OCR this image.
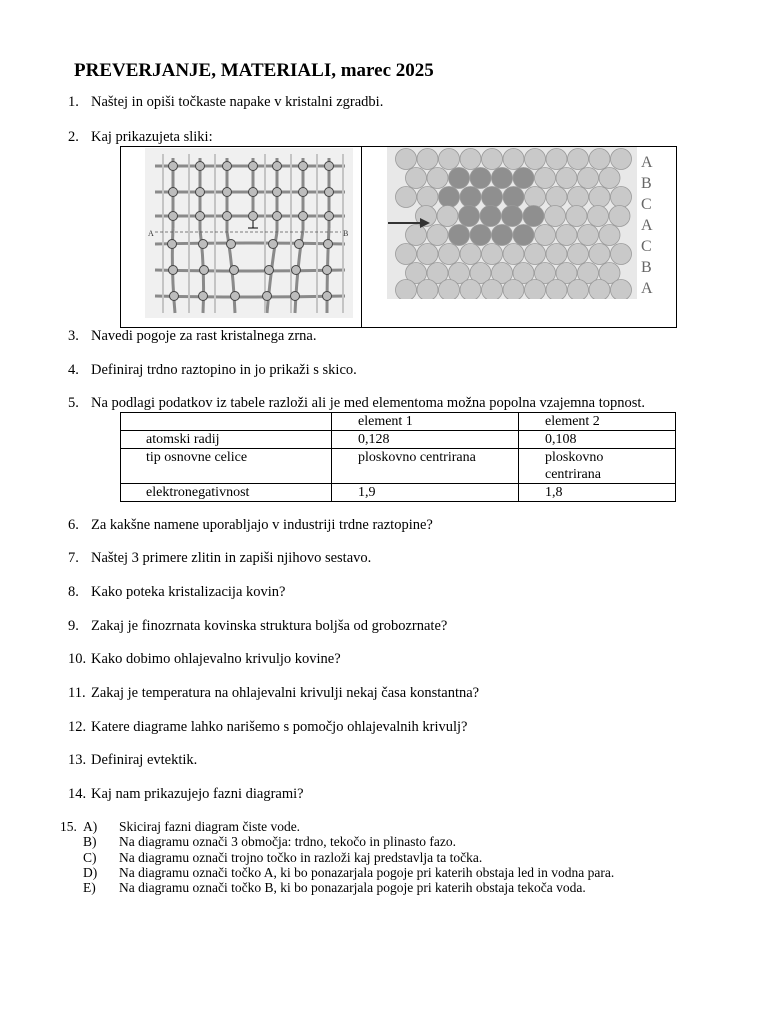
PREVERJANJE, MATERIALI, marec 2025
1. Naštej in opiši točkaste napake v kristalni zgradbi.
2. Kaj prikazujeta sliki:
A	B
A
B
C
A
C
B
A
3. Navedi pogoje za rast kristalnega zrna.
4. Definiraj trdno raztopino in jo prikaži s skico.
5. Na podlagi podatkov iz tabele razloži ali je med elementoma možna popolna vzajemna topnost.
	element 1	element 2
atomski radij	0,128	0,108
tip osnovne celice	ploskovno centrirana	ploskovno centrirana
elektronegativnost	1,9	1,8
6. Za kakšne namene uporabljajo v industriji trdne raztopine?
7. Naštej 3 primere zlitin in zapiši njihovo sestavo.
8. Kako poteka kristalizacija kovin?
9. Zakaj je finozrnata kovinska struktura boljša od grobozrnate?
10. Kako dobimo ohlajevalno krivuljo kovine?
11. Zakaj je temperatura na ohlajevalni krivulji nekaj časa konstantna?
12. Katere diagrame lahko narišemo s pomočjo ohlajevalnih krivulj?
13. Definiraj evtektik.
14. Kaj nam prikazujejo fazni diagrami?
15. A) Skiciraj fazni diagram čiste vode.
B) Na diagramu označi 3 območja: trdno, tekočo in plinasto fazo.
C) Na diagramu označi trojno točko in razloži kaj predstavlja ta točka.
D) Na diagramu označi točko A, ki bo ponazarjala pogoje pri katerih obstaja led in vodna para.
E) Na diagramu označi točko B, ki bo ponazarjala pogoje pri katerih obstaja tekoča voda.
